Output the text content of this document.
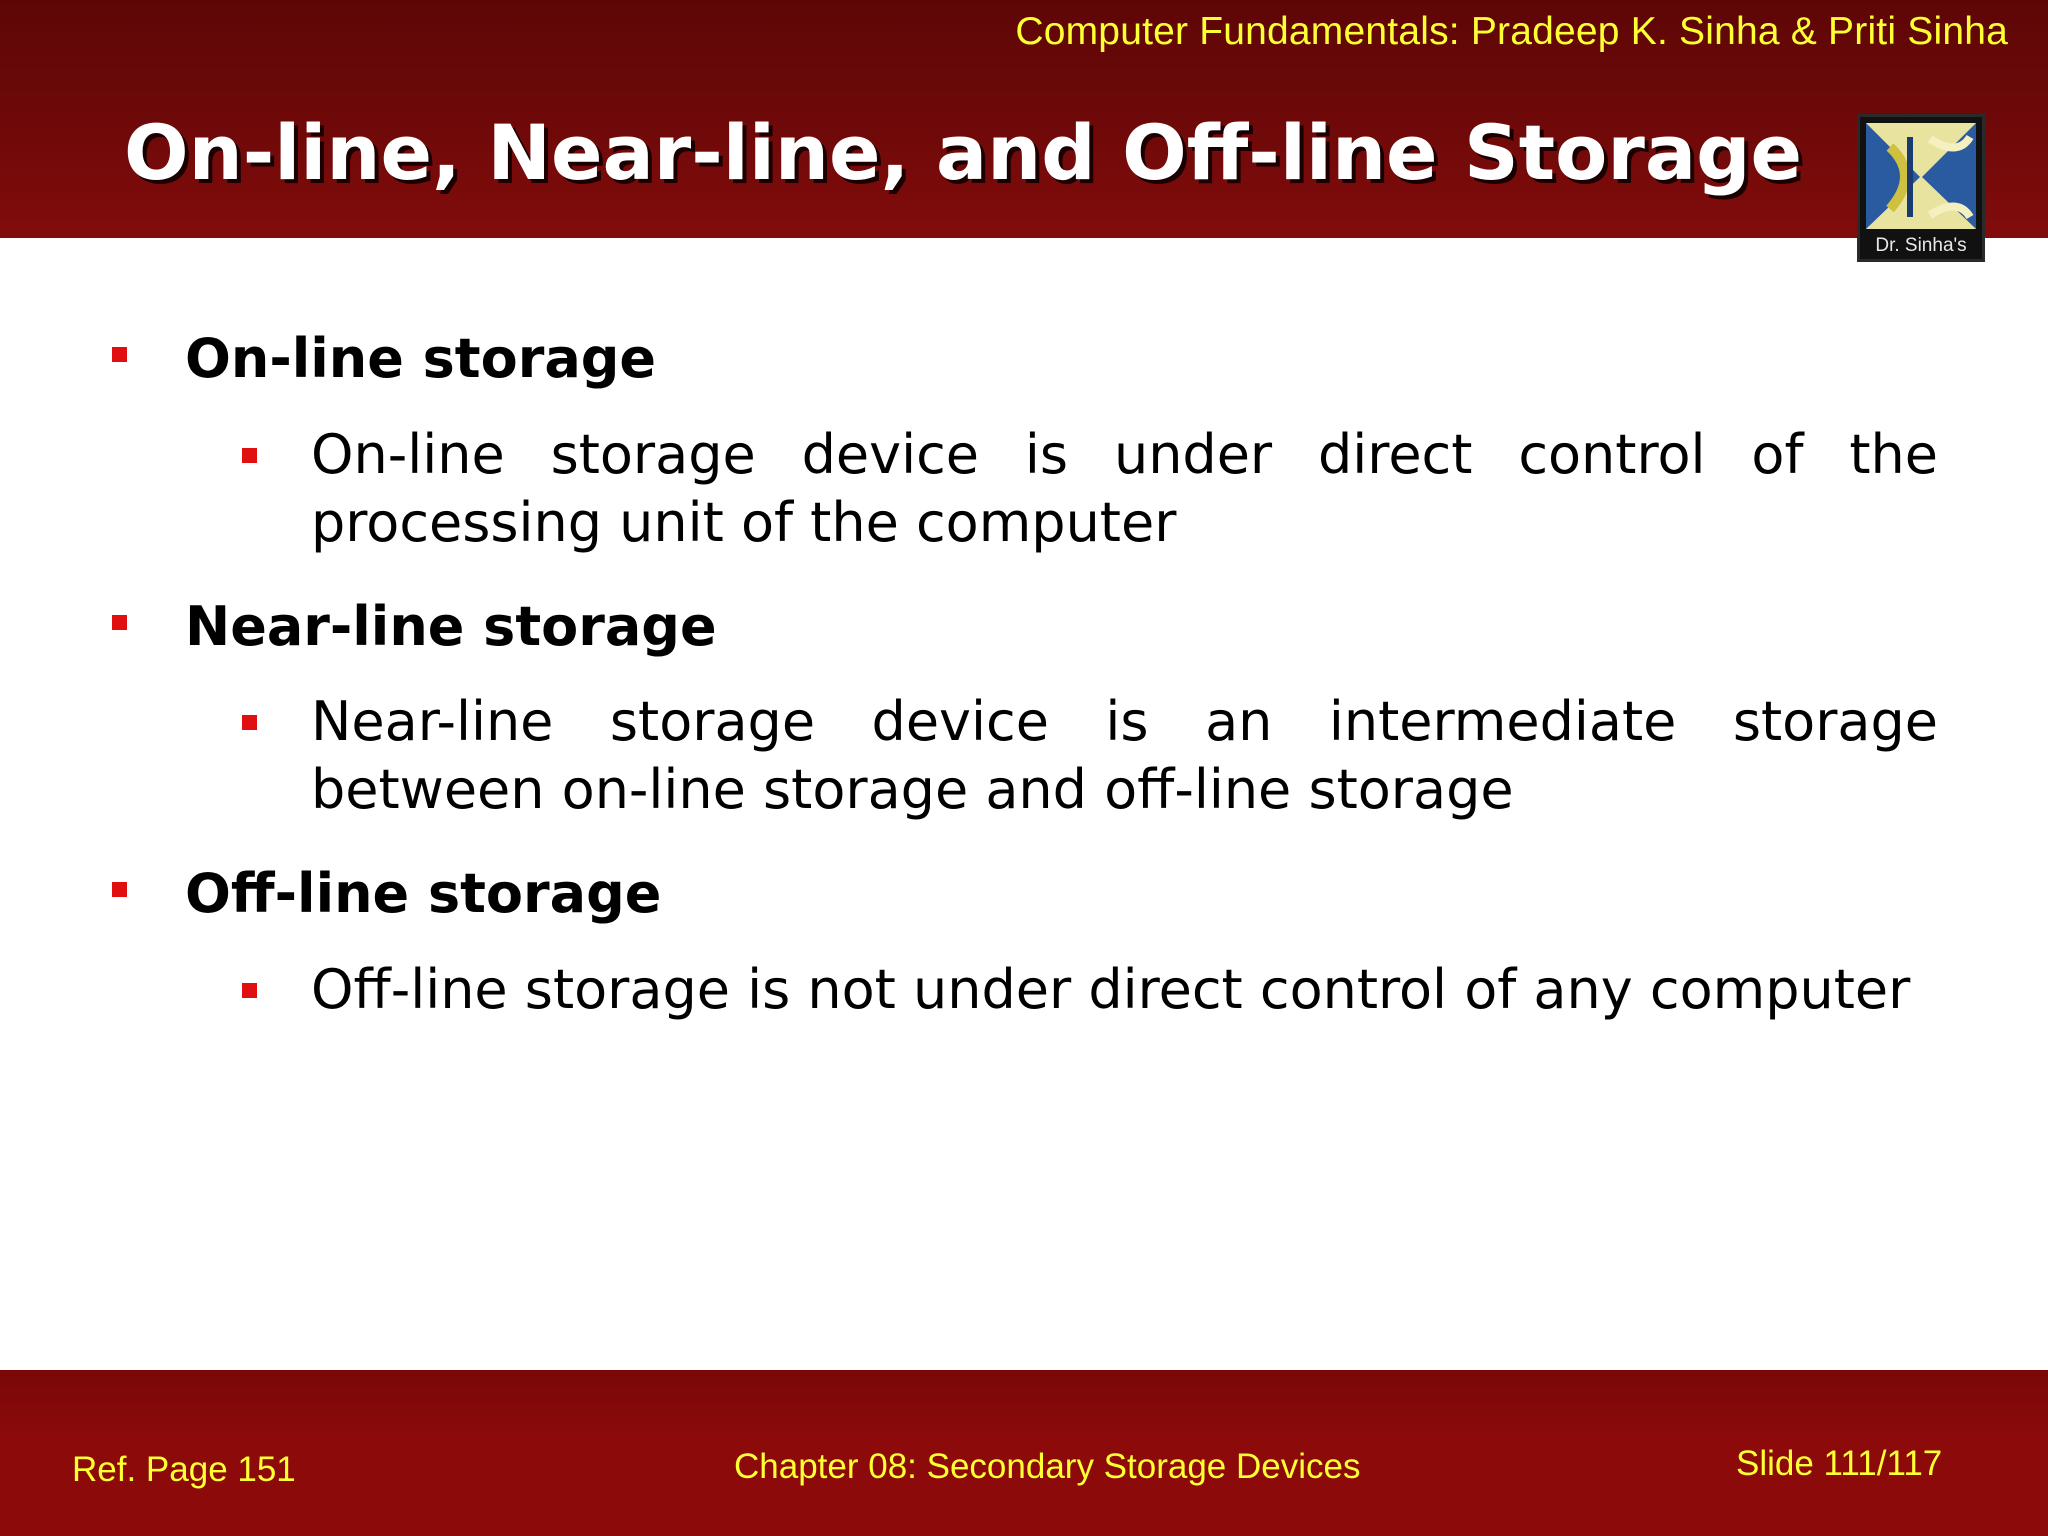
Computer Fundamentals: Pradeep K. Sinha & Priti Sinha
On-line, Near-line, and Off-line Storage
Dr. Sinha's
On-line storage
On-line storage device is under direct control of the processing unit of the computer
Near-line storage
Near-line storage device is an intermediate storage between on-line storage and off-line storage
Off-line storage
Off-line storage is not under direct control of any computer
Ref. Page 151	Chapter 08: Secondary Storage Devices	Slide 111/117
